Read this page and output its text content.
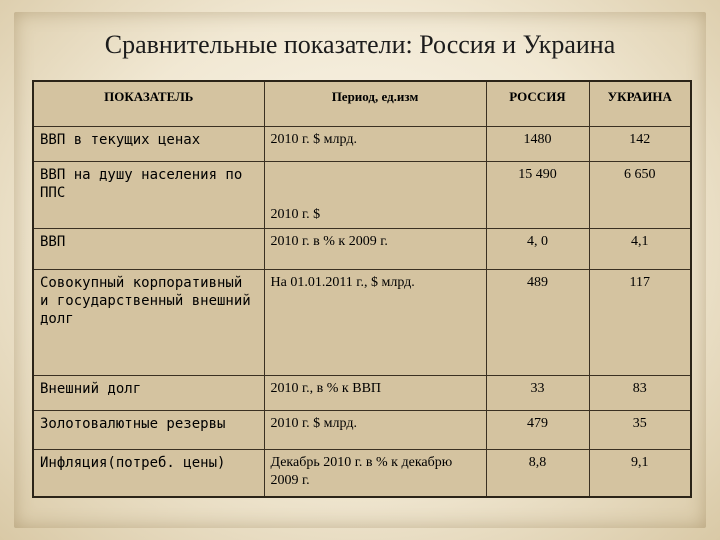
Сравнительные показатели: Россия и Украина
ПОКАЗАТЕЛЬ	Период, ед.изм	РОССИЯ	УКРАИНА
ВВП в текущих ценах	2010 г. $ млрд.	1480	142
ВВП на душу населения по ППС	2010 г. $	15 490	6 650
ВВП	2010 г. в % к 2009 г.	4, 0	4,1
Совокупный корпоративный и государственный внешний долг	На 01.01.2011 г., $ млрд.	489	117
Внешний долг	2010 г., в % к ВВП	33	83
Золотовалютные резервы	2010 г. $ млрд.	479	35
Инфляция(потреб. цены)	Декабрь 2010 г. в % к декабрю 2009 г.	8,8	9,1
